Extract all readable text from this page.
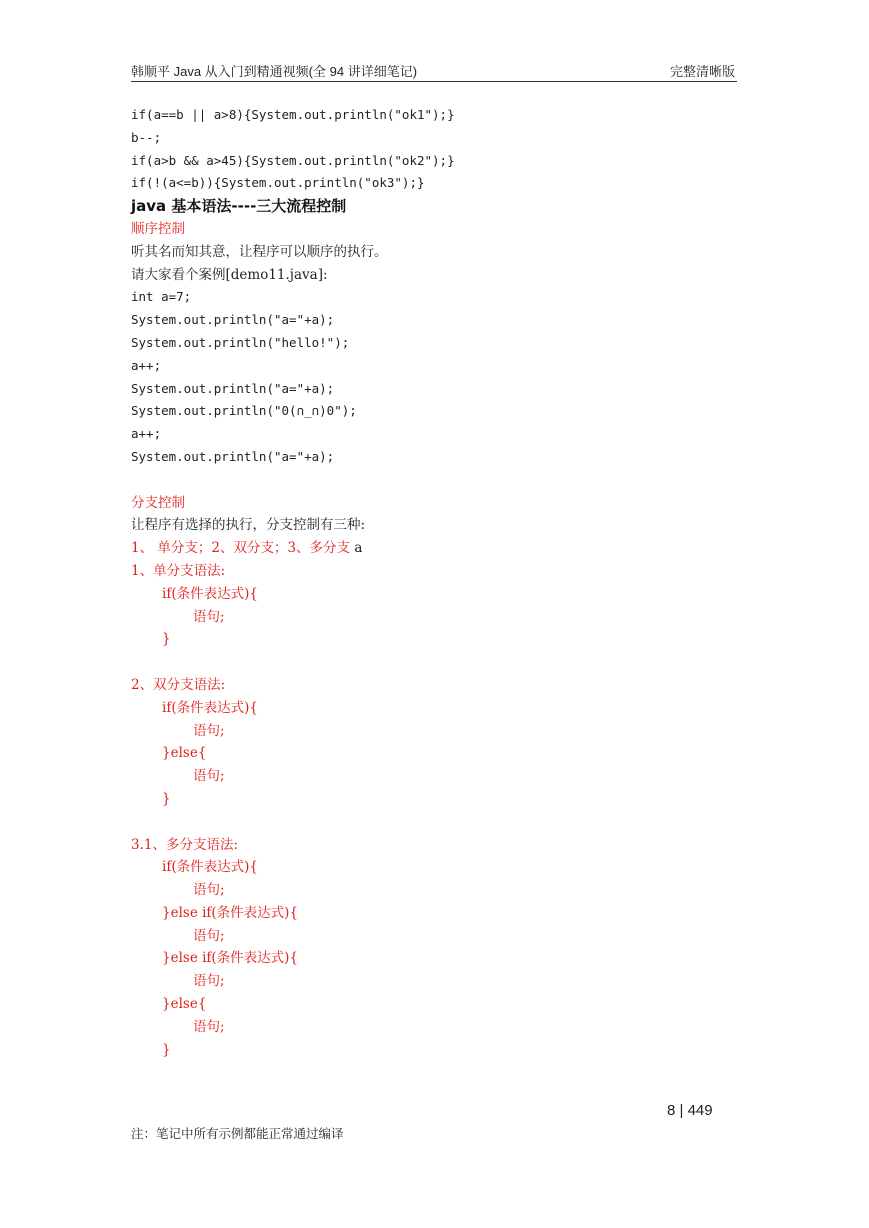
韩顺平 Java 从入门到精通视频(全 94 讲详细笔记)	完整清晰版
if(a==b || a>8){System.out.println("ok1");}
b--;
if(a>b && a>45){System.out.println("ok2");}
if(!(a<=b)){System.out.println("ok3");}
java 基本语法----三大流程控制
顺序控制
听其名而知其意，让程序可以顺序的执行。
请大家看个案例[demo11.java]:
int a=7;
System.out.println("a="+a);
System.out.println("hello!");
a++;
System.out.println("a="+a);
System.out.println("0(∩_∩)0");
a++;
System.out.println("a="+a);
分支控制
让程序有选择的执行，分支控制有三种:
1、 单分支；2、双分支；3、多分支 a
1、单分支语法:
if(条件表达式){
语句;
}
2、双分支语法:
if(条件表达式){
语句;
}else{
语句;
}
3.1、多分支语法:
if(条件表达式){
语句;
}else if(条件表达式){
语句;
}else if(条件表达式){
语句;
}else{
语句;
}
8 | 449
注：笔记中所有示例都能正常通过编译
